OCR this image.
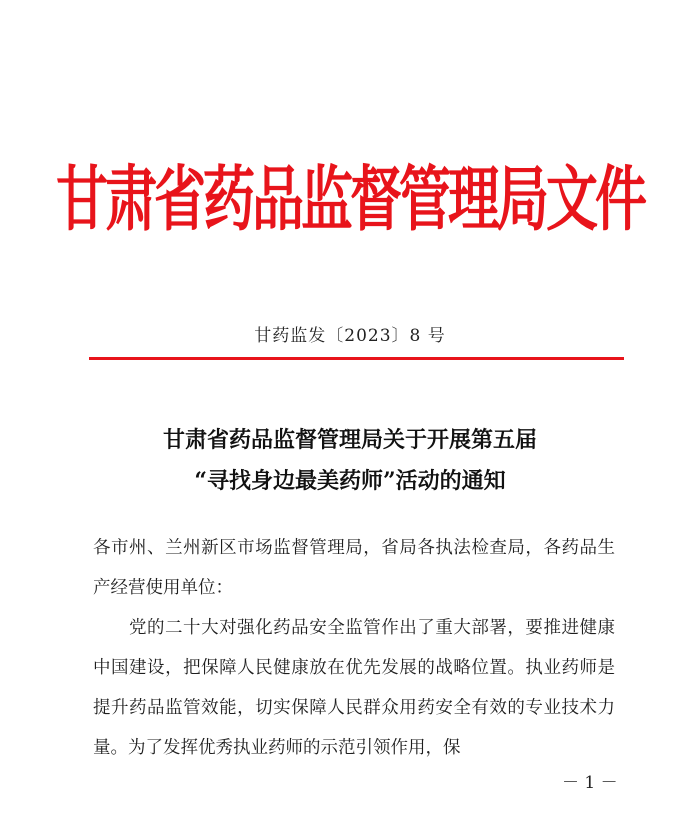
甘肃省药品监督管理局文件
甘药监发〔2023〕8 号
甘肃省药品监督管理局关于开展第五届
“寻找身边最美药师”活动的通知

各市州、兰州新区市场监督管理局，省局各执法检查局，各药品生产经营使用单位：

党的二十大对强化药品安全监管作出了重大部署，要推进健康中国建设，把保障人民健康放在优先发展的战略位置。执业药师是提升药品监管效能，切实保障人民群众用药安全有效的专业技术力量。为了发挥优秀执业药师的示范引领作用，保

－ 1 －
